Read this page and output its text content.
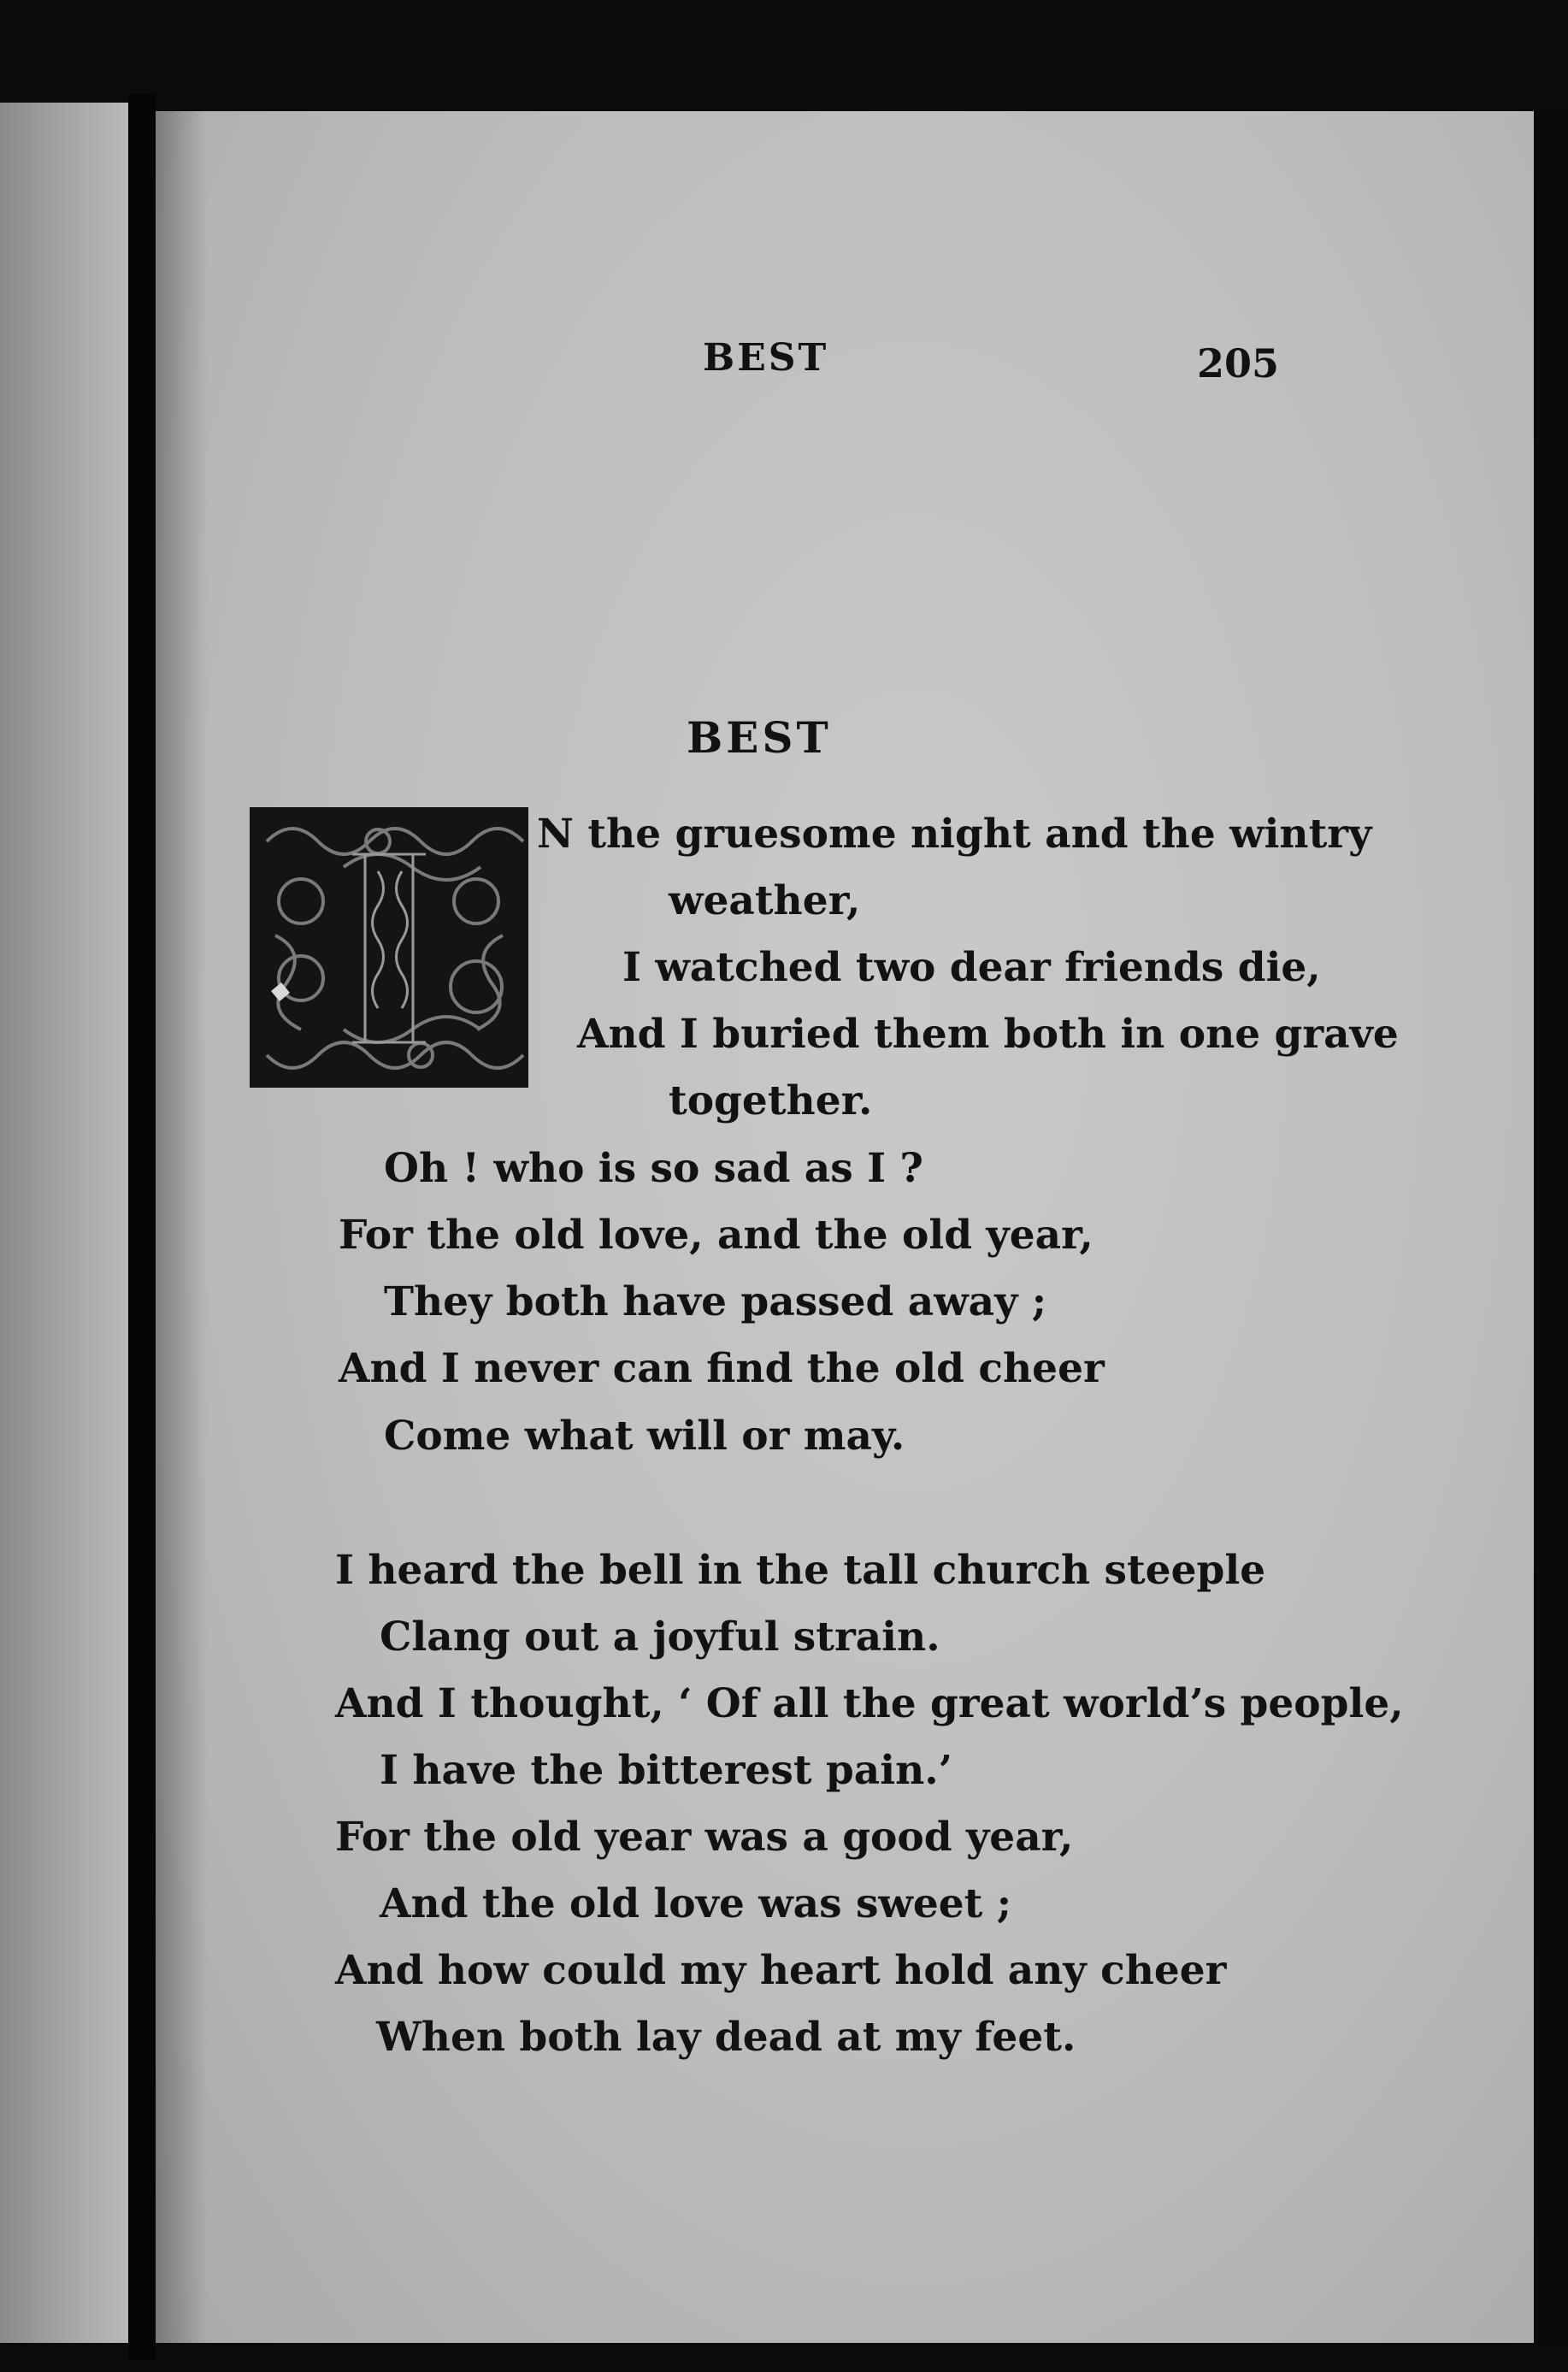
BEST	205
BEST
N the gruesome night and the wintry
weather,
I watched two dear friends die,
And I buried them both in one grave
together.
Oh ! who is so sad as I ?
For the old love, and the old year,
They both have passed away ;
And I never can find the old cheer
Come what will or may.
I heard the bell in the tall church steeple
Clang out a joyful strain.
And I thought, ‘ Of all the great world’s people,
I have the bitterest pain.’
For the old year was a good year,
And the old love was sweet ;
And how could my heart hold any cheer
When both lay dead at my feet.
